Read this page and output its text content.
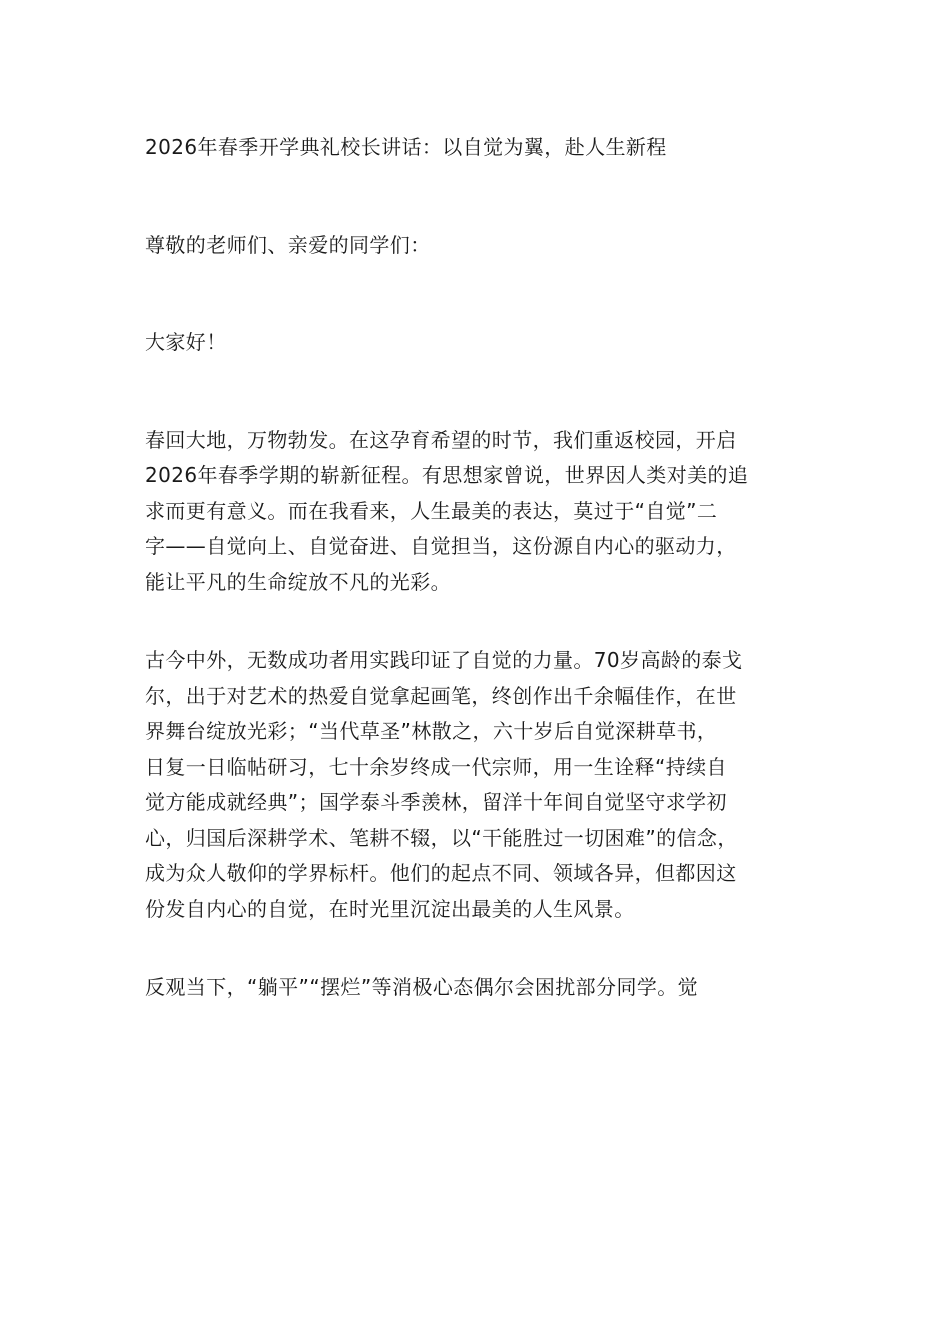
2026年春季开学典礼校长讲话：以自觉为翼，赴人生新程

尊敬的老师们、亲爱的同学们：

大家好！

春回大地，万物勃发。在这孕育希望的时节，我们重返校园，开启
2026年春季学期的崭新征程。有思想家曾说，世界因人类对美的追
求而更有意义。而在我看来，人生最美的表达，莫过于“自觉”二
字——自觉向上、自觉奋进、自觉担当，这份源自内心的驱动力，
能让平凡的生命绽放不凡的光彩。

古今中外，无数成功者用实践印证了自觉的力量。70岁高龄的泰戈
尔，出于对艺术的热爱自觉拿起画笔，终创作出千余幅佳作，在世
界舞台绽放光彩；“当代草圣”林散之，六十岁后自觉深耕草书，
日复一日临帖研习，七十余岁终成一代宗师，用一生诠释“持续自
觉方能成就经典”；国学泰斗季羡林，留洋十年间自觉坚守求学初
心，归国后深耕学术、笔耕不辍，以“干能胜过一切困难”的信念，
成为众人敬仰的学界标杆。他们的起点不同、领域各异，但都因这
份发自内心的自觉，在时光里沉淀出最美的人生风景。

反观当下，“躺平”“摆烂”等消极心态偶尔会困扰部分同学。觉
